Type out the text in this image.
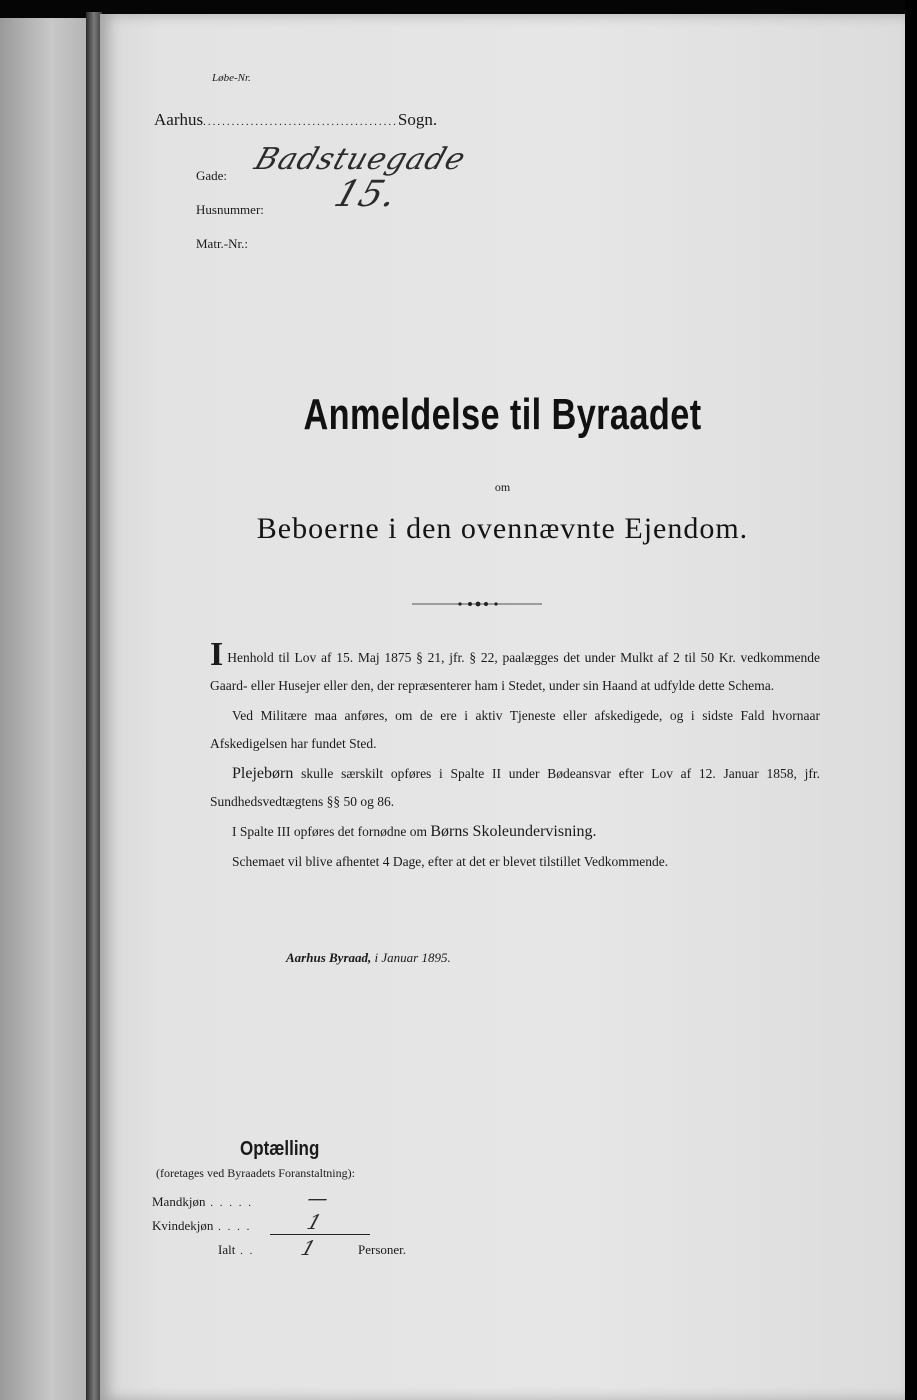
Løbe-Nr.
Aarhus.........................................Sogn.
Gade: Badstuegade
Husnummer: 15.
Matr.-Nr.:
Anmeldelse til Byraadet
om
Beboerne i den ovennævnte Ejendom.

I Henhold til Lov af 15. Maj 1875 § 21, jfr. § 22, paalægges det under Mulkt af 2 til 50 Kr. vedkommende Gaard- eller Husejer eller den, der repræsenterer ham i Stedet, under sin Haand at udfylde dette Schema.

Ved Militære maa anføres, om de ere i aktiv Tjeneste eller afskedigede, og i sidste Fald hvornaar Afskedigelsen har fundet Sted.

Plejebørn skulle særskilt opføres i Spalte II under Bødeansvar efter Lov af 12. Januar 1858, jfr. Sundhedsvedtægtens §§ 50 og 86.

I Spalte III opføres det fornødne om Børns Skoleundervisning.

Schemaet vil blive afhentet 4 Dage, efter at det er blevet tilstillet Vedkommende.

Aarhus Byraad, i Januar 1895.
Optælling
(foretages ved Byraadets Foranstaltning):
Mandkjøn . . . . .	—
Kvindekjøn . . . .	1
Ialt . . 1	Personer.
